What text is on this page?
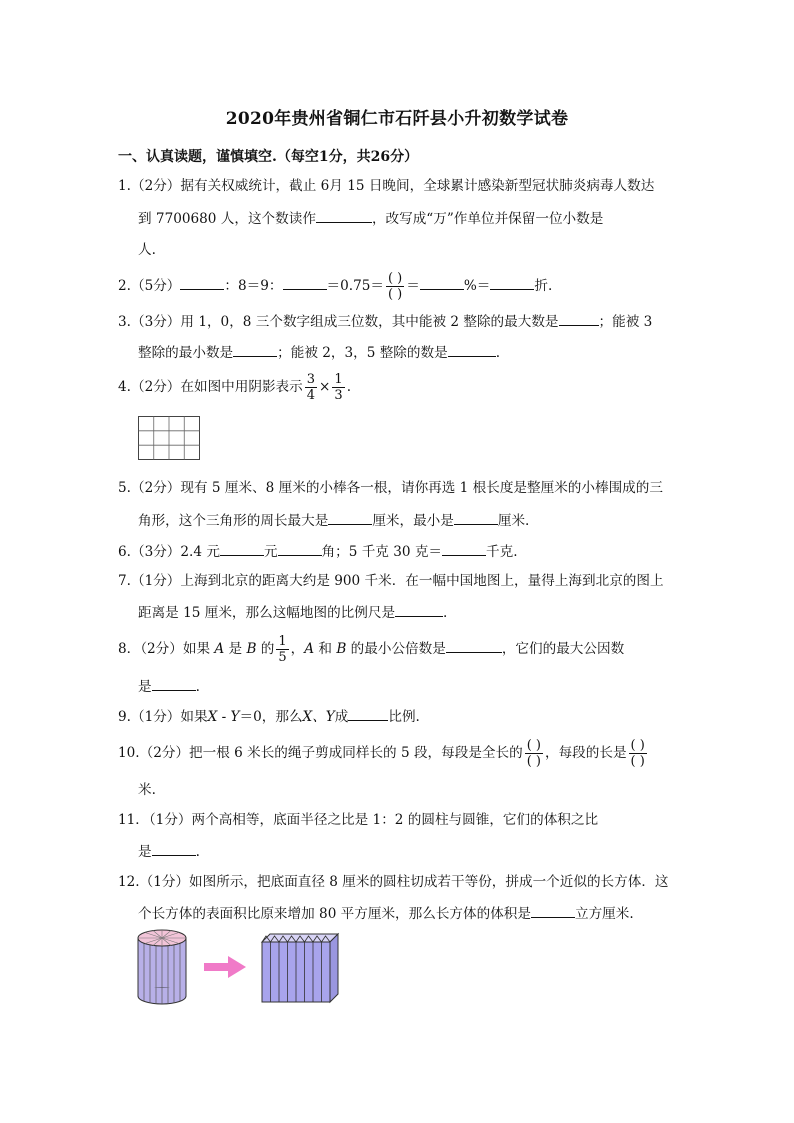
2020年贵州省铜仁市石阡县小升初数学试卷
一、认真读题，谨慎填空.（每空1分，共26分）
1.（2分）据有关权威统计，截止 6月 15 日晚间，全球累计感染新型冠状肺炎病毒人数达
到 7700680 人，这个数读作	，改写成“万”作单位并保留一位小数是
人.
2.（5分）	：8＝9：	$=0.75= \frac{( )}{( )}$ ＝	%＝	折.
3.（3分）用 1，0，8 三个数字组成三位数，其中能被 2 整除的最大数是	；能被 3
整除的最小数是	；能被 2，3，5 整除的数是	.
4.（2分）在如图中用阴影表示 $\frac{3}{4} \times \frac{1}{3}$ .
5.（2分）现有 5 厘米、8 厘米的小棒各一根，请你再选 1 根长度是整厘米的小棒围成的三
角形，这个三角形的周长最大是	厘米，最小是	厘米.
6.（3分）2.4 元	元	角；5 千克 30 克＝	千克.
7.（1分）上海到北京的距离大约是 900 千米．在一幅中国地图上，量得上海到北京的图上
距离是 15 厘米，那么这幅地图的比例尺是	.
8．（2分）如果 A 是 B 的 $\frac{1}{5}$ ，A 和 B 的最小公倍数是	，它们的最大公因数
是	.
9.（1分）如果X - Y＝0，那么X、Y成	比例.
10.（2分）把一根 6 米长的绳子剪成同样长的 5 段，每段是全长的 $\frac{( )}{( )}$ ，每段的长是 $\frac{( )}{( )}$
米.
11．（1分）两个高相等，底面半径之比是 1：2 的圆柱与圆锥，它们的体积之比
是	.
12.（1分）如图所示，把底面直径 8 厘米的圆柱切成若干等份，拼成一个近似的长方体．这
个长方体的表面积比原来增加 80 平方厘米，那么长方体的体积是	立方厘米.
